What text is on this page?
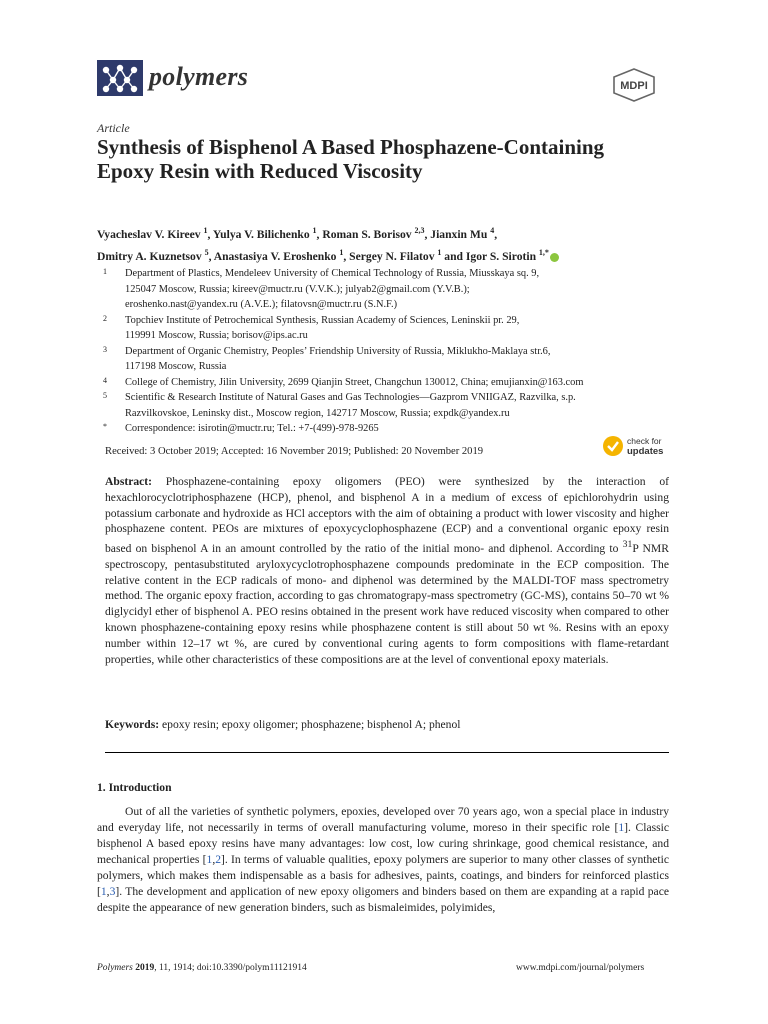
polymers	MDPI
Article
Synthesis of Bisphenol A Based Phosphazene-Containing Epoxy Resin with Reduced Viscosity
Vyacheslav V. Kireev $^1$, Yulya V. Bilichenko $^1$, Roman S. Borisov $^{2,3}$, Jianxin Mu $^4$,
Dmitry A. Kuznetsov $^5$, Anastasiya V. Eroshenko $^1$, Sergey N. Filatov $^1$ and Igor S. Sirotin $^{1,*}$
1 Department of Plastics, Mendeleev University of Chemical Technology of Russia, Miusskaya sq. 9,
125047 Moscow, Russia; kireev@muctr.ru (V.V.K.); julyab2@gmail.com (Y.V.B.);
eroshenko.nast@yandex.ru (A.V.E.); filatovsn@muctr.ru (S.N.F.)
2 Topchiev Institute of Petrochemical Synthesis, Russian Academy of Sciences, Leninskii pr. 29,
119991 Moscow, Russia; borisov@ips.ac.ru
3 Department of Organic Chemistry, Peoples’ Friendship University of Russia, Miklukho-Maklaya str.6,
117198 Moscow, Russia
4 College of Chemistry, Jilin University, 2699 Qianjin Street, Changchun 130012, China; emujianxin@163.com
5 Scientific & Research Institute of Natural Gases and Gas Technologies—Gazprom VNIIGAZ, Razvilka, s.p.
Razvilkovskoe, Leninsky dist., Moscow region, 142717 Moscow, Russia; expdk@yandex.ru
* Correspondence: isirotin@muctr.ru; Tel.: +7-(499)-978-9265
Received: 3 October 2019; Accepted: 16 November 2019; Published: 20 November 2019
check for
updates
Abstract: Phosphazene-containing epoxy oligomers (PEO) were synthesized by the interaction of hexachlorocyclotriphosphazene (HCP), phenol, and bisphenol A in a medium of excess of epichlorohydrin using potassium carbonate and hydroxide as HCl acceptors with the aim of obtaining a product with lower viscosity and higher phosphazene content. PEOs are mixtures of epoxycyclophosphazene (ECP) and a conventional organic epoxy resin based on bisphenol A in an amount controlled by the ratio of the initial mono- and diphenol. According to $^{31}$P NMR spectroscopy, pentasubstituted aryloxycyclotrophosphazene compounds predominate in the ECP composition. The relative content in the ECP radicals of mono- and diphenol was determined by the MALDI-TOF mass spectrometry method. The organic epoxy fraction, according to gas chromatograpy-mass spectrometry (GC-MS), contains 50–70 wt % diglycidyl ether of bisphenol A. PEO resins obtained in the present work have reduced viscosity when compared to other known phosphazene-containing epoxy resins while phosphazene content is still about 50 wt %. Resins with an epoxy number within 12–17 wt %, are cured by conventional curing agents to form compositions with flame-retardant properties, while other characteristics of these compositions are at the level of conventional epoxy materials.
Keywords: epoxy resin; epoxy oligomer; phosphazene; bisphenol A; phenol
1. Introduction
Out of all the varieties of synthetic polymers, epoxies, developed over 70 years ago, won a special place in industry and everyday life, not necessarily in terms of overall manufacturing volume, moreso in their specific role [1]. Classic bisphenol A based epoxy resins have many advantages: low cost, low curing shrinkage, good chemical resistance, and mechanical properties [1,2]. In terms of valuable qualities, epoxy polymers are superior to many other classes of synthetic polymers, which makes them indispensable as a basis for adhesives, paints, coatings, and binders for reinforced plastics [1,3]. The development and application of new epoxy oligomers and binders based on them are expanding at a rapid pace despite the appearance of new generation binders, such as bismaleimides, polyimides,
Polymers 2019, 11, 1914; doi:10.3390/polym11121914	www.mdpi.com/journal/polymers
